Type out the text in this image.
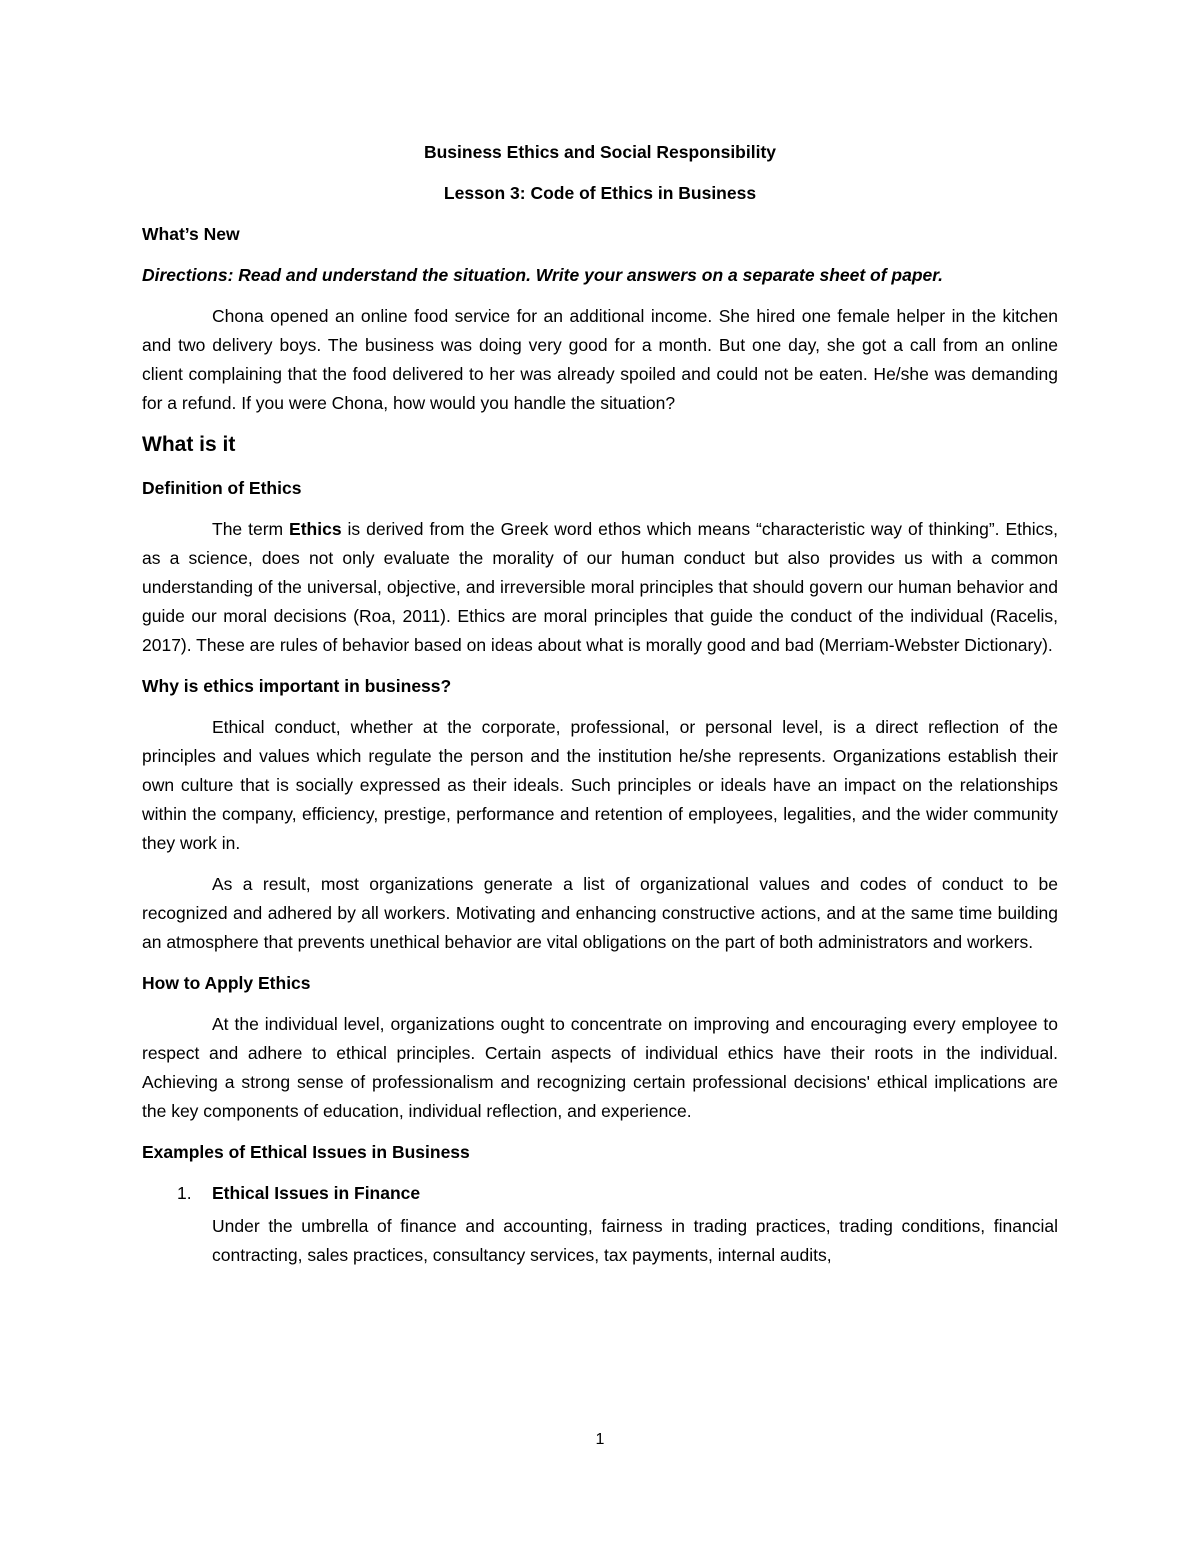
Business Ethics and Social Responsibility

Lesson 3: Code of Ethics in Business

What’s New

Directions: Read and understand the situation. Write your answers on a separate sheet of paper.

Chona opened an online food service for an additional income. She hired one female helper in the kitchen and two delivery boys. The business was doing very good for a month. But one day, she got a call from an online client complaining that the food delivered to her was already spoiled and could not be eaten. He/she was demanding for a refund. If you were Chona, how would you handle the situation?

What is it
Definition of Ethics

The term Ethics is derived from the Greek word ethos which means “characteristic way of thinking”. Ethics, as a science, does not only evaluate the morality of our human conduct but also provides us with a common understanding of the universal, objective, and irreversible moral principles that should govern our human behavior and guide our moral decisions (Roa, 2011). Ethics are moral principles that guide the conduct of the individual (Racelis, 2017). These are rules of behavior based on ideas about what is morally good and bad (Merriam-Webster Dictionary).

Why is ethics important in business?

Ethical conduct, whether at the corporate, professional, or personal level, is a direct reflection of the principles and values which regulate the person and the institution he/she represents. Organizations establish their own culture that is socially expressed as their ideals. Such principles or ideals have an impact on the relationships within the company, efficiency, prestige, performance and retention of employees, legalities, and the wider community they work in.

As a result, most organizations generate a list of organizational values and codes of conduct to be recognized and adhered by all workers. Motivating and enhancing constructive actions, and at the same time building an atmosphere that prevents unethical behavior are vital obligations on the part of both administrators and workers.

How to Apply Ethics

At the individual level, organizations ought to concentrate on improving and encouraging every employee to respect and adhere to ethical principles. Certain aspects of individual ethics have their roots in the individual. Achieving a strong sense of professionalism and recognizing certain professional decisions' ethical implications are the key components of education, individual reflection, and experience.

Examples of Ethical Issues in Business
1. Ethical Issues in Finance

Under the umbrella of finance and accounting, fairness in trading practices, trading conditions, financial contracting, sales practices, consultancy services, tax payments, internal audits,

1
